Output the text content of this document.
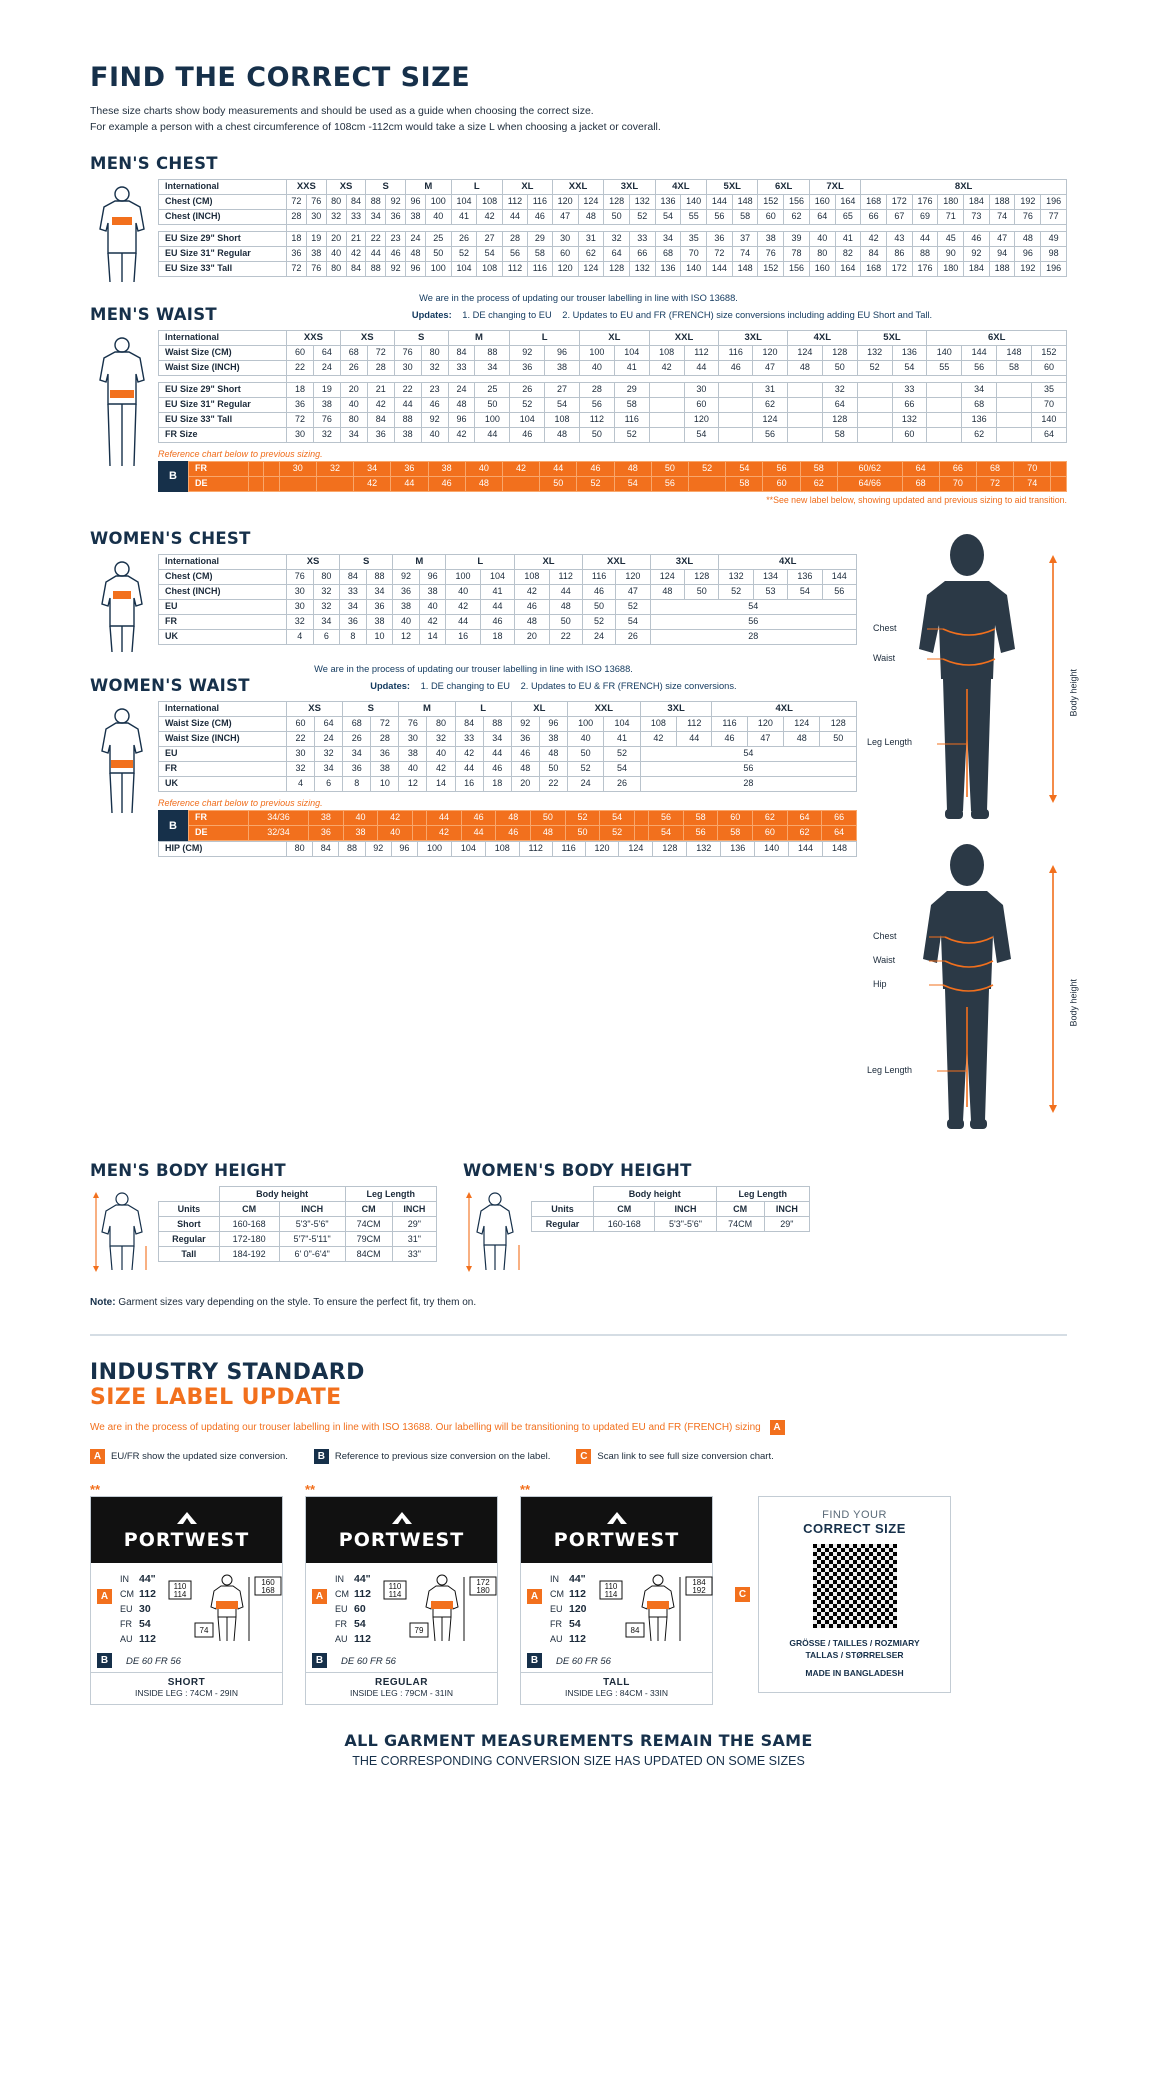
FIND THE CORRECT SIZE
These size charts show body measurements and should be used as a guide when choosing the correct size.
For example a person with a chest circumference of 108cm -112cm would take a size L when choosing a jacket or coverall.
MEN'S CHEST
International	XXS		XS		S		M		L		XL		XXL		3XL		4XL		5XL		6XL		7XL		8XL							
Chest (CM)	72	76	80	84	88	92	96	100	104	108	112	116	120	124	128	132	136	140	144	148	152	156	160	164	168	172	176	180	184	188	192	196
Chest (INCH)	28	30	32	33	34	36	38	40	41	42	44	46	47	48	50	52	54	55	56	58	60	62	64	65	66	67	69	71	73	74	76	77

EU Size 29" Short	18	19	20	21	22	23	24	25	26	27	28	29	30	31	32	33	34	35	36	37	38	39	40	41	42	43	44	45	46	47	48	49
EU Size 31" Regular	36	38	40	42	44	46	48	50	52	54	56	58	60	62	64	66	68	70	72	74	76	78	80	82	84	86	88	90	92	94	96	98
EU Size 33" Tall	72	76	80	84	88	92	96	100	104	108	112	116	120	124	128	132	136	140	144	148	152	156	160	164	168	172	176	180	184	188	192	196
We are in the process of updating our trouser labelling in line with ISO 13688.
MEN'S WAIST	Updates: 1. DE changing to EU 2. Updates to EU and FR (FRENCH) size conversions including adding EU Short and Tall.
International	XXS		XS		S		M		L		XL		XXL		3XL		4XL		5XL		6XL			
Waist Size (CM)	60	64	68	72	76	80	84	88	92	96	100	104	108	112	116	120	124	128	132	136	140	144	148	152
Waist Size (INCH)	22	24	26	28	30	32	33	34	36	38	40	41	42	44	46	47	48	50	52	54	55	56	58	60

EU Size 29" Short	18	19	20	21	22	23	24	25	26	27	28	29		30		31		32		33		34		35
EU Size 31" Regular	36	38	40	42	44	46	48	50	52	54	56	58		60		62		64		66		68		70
EU Size 33" Tall	72	76	80	84	88	92	96	100	104	108	112	116		120		124		128		132		136		140
FR Size	30	32	34	36	38	40	42	44	46	48	50	52		54		56		58		60		62		64
Reference chart below to previous sizing.
B
FR			30	32	34	36	38	40	42	44	46	48	50	52	54	56	58	60/62	64	66	68	70	
DE					42	44	46	48		50	52	54	56		58	60	62	64/66	68	70	72	74	
**See new label below, showing updated and previous sizing to aid transition.
WOMEN'S CHEST
International	XS		S		M		L		XL		XXL		3XL		4XL			
Chest (CM)	76	80	84	88	92	96	100	104	108	112	116	120	124	128	132	134	136	144
Chest (INCH)	30	32	33	34	36	38	40	41	42	44	46	47	48	50	52	53	54	56
EU	30	32	34	36	38	40	42	44	46	48	50	52	54					
FR	32	34	36	38	40	42	44	46	48	50	52	54	56					
UK	4	6	8	10	12	14	16	18	20	22	24	26	28					
We are in the process of updating our trouser labelling in line with ISO 13688.
WOMEN'S WAIST	Updates: 1. DE changing to EU 2. Updates to EU & FR (FRENCH) size conversions.
International	XS		S		M		L		XL		XXL		3XL		4XL			
Waist Size (CM)	60	64	68	72	76	80	84	88	92	96	100	104	108	112	116	120	124	128
Waist Size (INCH)	22	24	26	28	30	32	33	34	36	38	40	41	42	44	46	47	48	50
EU	30	32	34	36	38	40	42	44	46	48	50	52	54					
FR	32	34	36	38	40	42	44	46	48	50	52	54	56					
UK	4	6	8	10	12	14	16	18	20	22	24	26	28					
Reference chart below to previous sizing.
B
FR	34/36	38	40	42		44	46	48	50	52	54		56	58	60	62	64	66
DE	32/34	36	38	40		42	44	46	48	50	52		54	56	58	60	62	64
HIP (CM)	80	84	88	92	96	100	104	108	112	116	120	124	128	132	136	140	144	148
Chest
Waist
Leg Length
Body height
Chest
Waist
Hip
Leg Length
Body height
MEN'S BODY HEIGHT
	Body height		Leg Length	
Units	CM	INCH	CM	INCH
Short	160-168	5'3"-5'6"	74CM	29"
Regular	172-180	5'7"-5'11"	79CM	31"
Tall	184-192	6' 0"-6'4"	84CM	33"
WOMEN'S BODY HEIGHT
	Body height		Leg Length	
Units	CM	INCH	CM	INCH
Regular	160-168	5'3"-5'6"	74CM	29"
Note: Garment sizes vary depending on the style. To ensure the perfect fit, try them on.
INDUSTRY STANDARD
SIZE LABEL UPDATE
We are in the process of updating our trouser labelling in line with ISO 13688. Our labelling will be transitioning to updated EU and FR (FRENCH) sizing A
A	EU/FR show the updated size conversion.	B	Reference to previous size conversion on the label.	C	Scan link to see full size conversion chart.
**
PORTWEST
A
IN	44"
CM	112
EU	30
FR	54
AU	112
110
114
160
168
74
B	DE 60 FR 56
SHORT
INSIDE LEG : 74CM - 29IN
**
PORTWEST
A
IN	44"
CM	112
EU	60
FR	54
AU	112
110
114
172
180
79
B	DE 60 FR 56
REGULAR
INSIDE LEG : 79CM - 31IN
**
PORTWEST
A
IN	44"
CM	112
EU	120
FR	54
AU	112
110
114
184
192
84
B	DE 60 FR 56
TALL
INSIDE LEG : 84CM - 33IN
C
FIND YOUR
CORRECT SIZE
GRÖSSE / TAILLES / ROZMIARY
TALLAS / STØRRELSER
MADE IN BANGLADESH
ALL GARMENT MEASUREMENTS REMAIN THE SAME
THE CORRESPONDING CONVERSION SIZE HAS UPDATED ON SOME SIZES
